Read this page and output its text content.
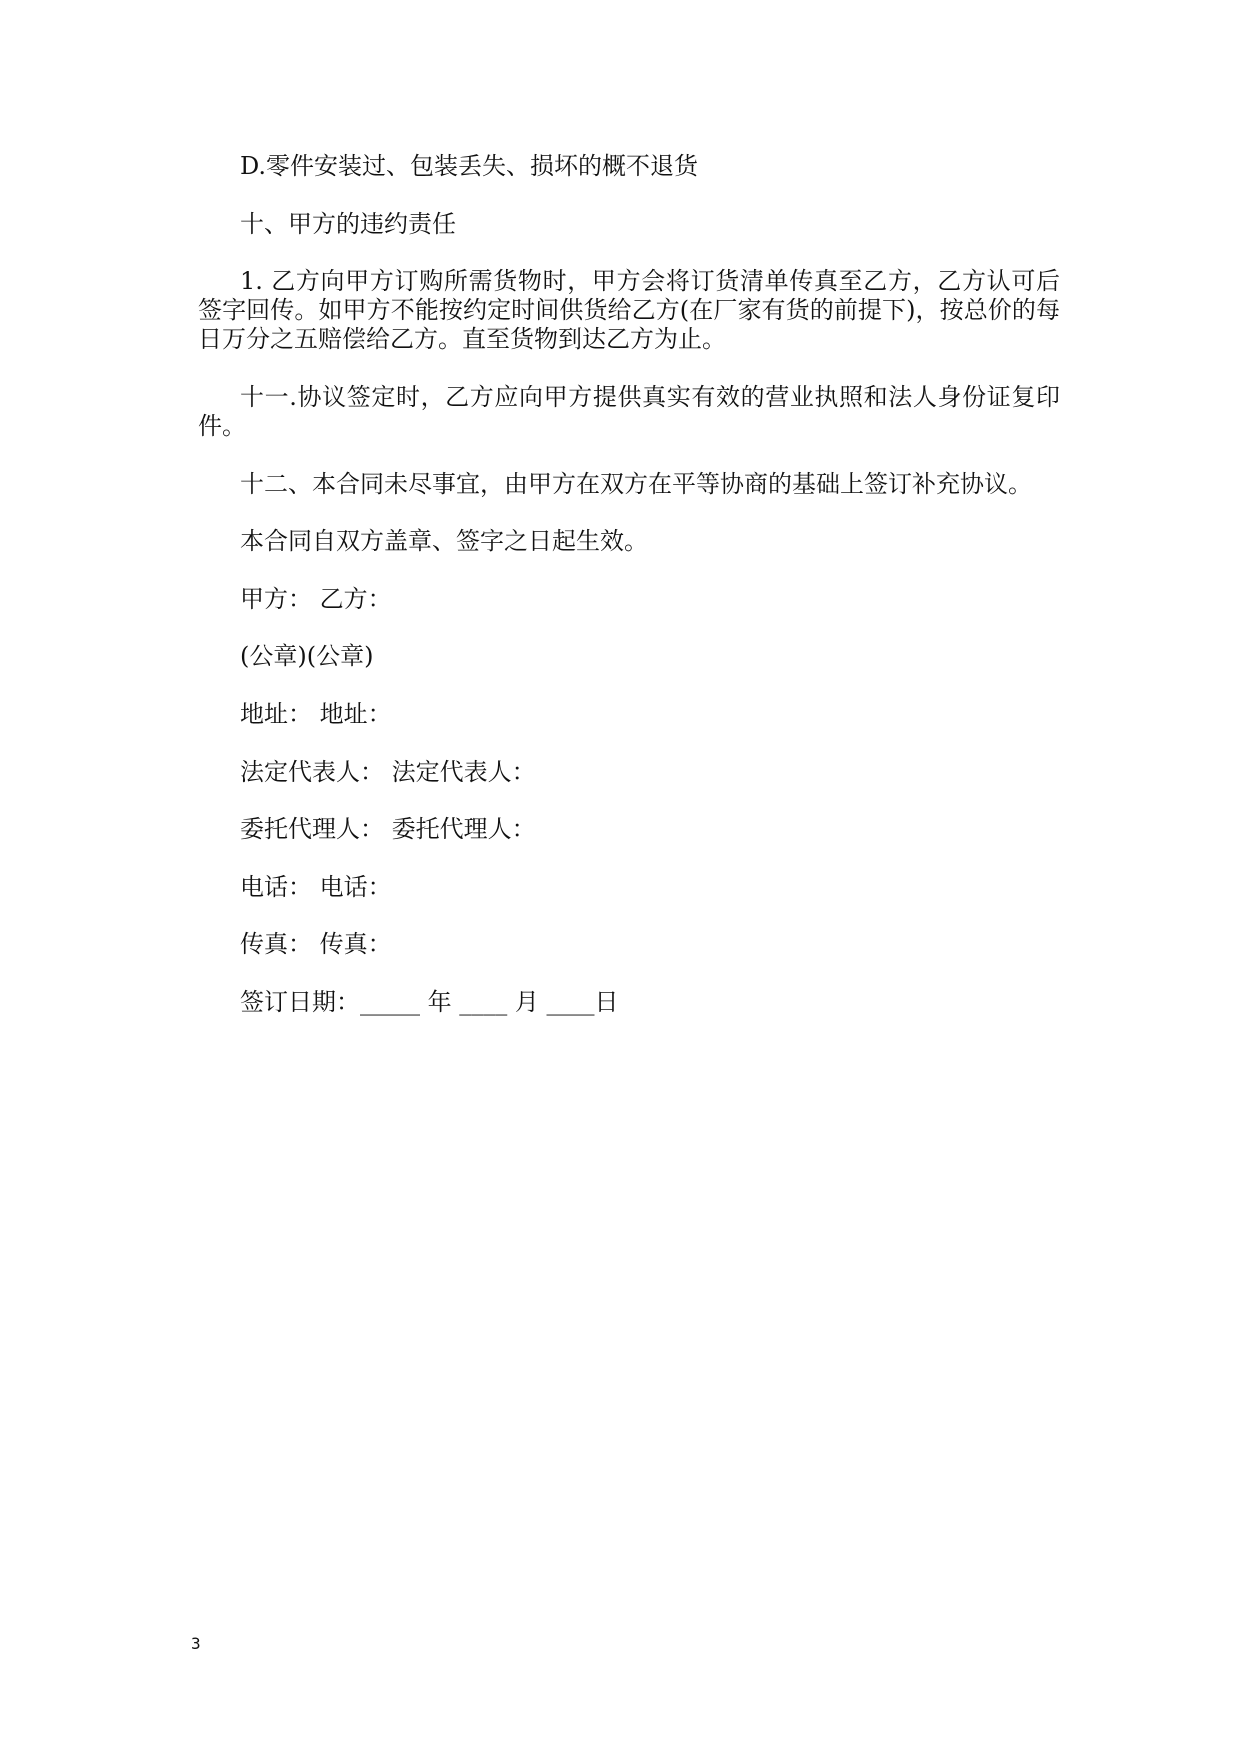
D.零件安装过、包装丢失、损坏的概不退货

十、甲方的违约责任

1. 乙方向甲方订购所需货物时，甲方会将订货清单传真至乙方，乙方认可后签字回传。如甲方不能按约定时间供货给乙方(在厂家有货的前提下)，按总价的每日万分之五赔偿给乙方。直至货物到达乙方为止。

十一.协议签定时，乙方应向甲方提供真实有效的营业执照和法人身份证复印件。

十二、本合同未尽事宜，由甲方在双方在平等协商的基础上签订补充协议。

本合同自双方盖章、签字之日起生效。

甲方： 乙方：

(公章)(公章)

地址： 地址：

法定代表人： 法定代表人：

委托代理人： 委托代理人：

电话： 电话：

传真： 传真：

签订日期：_____ 年 ____ 月 ____日

3
